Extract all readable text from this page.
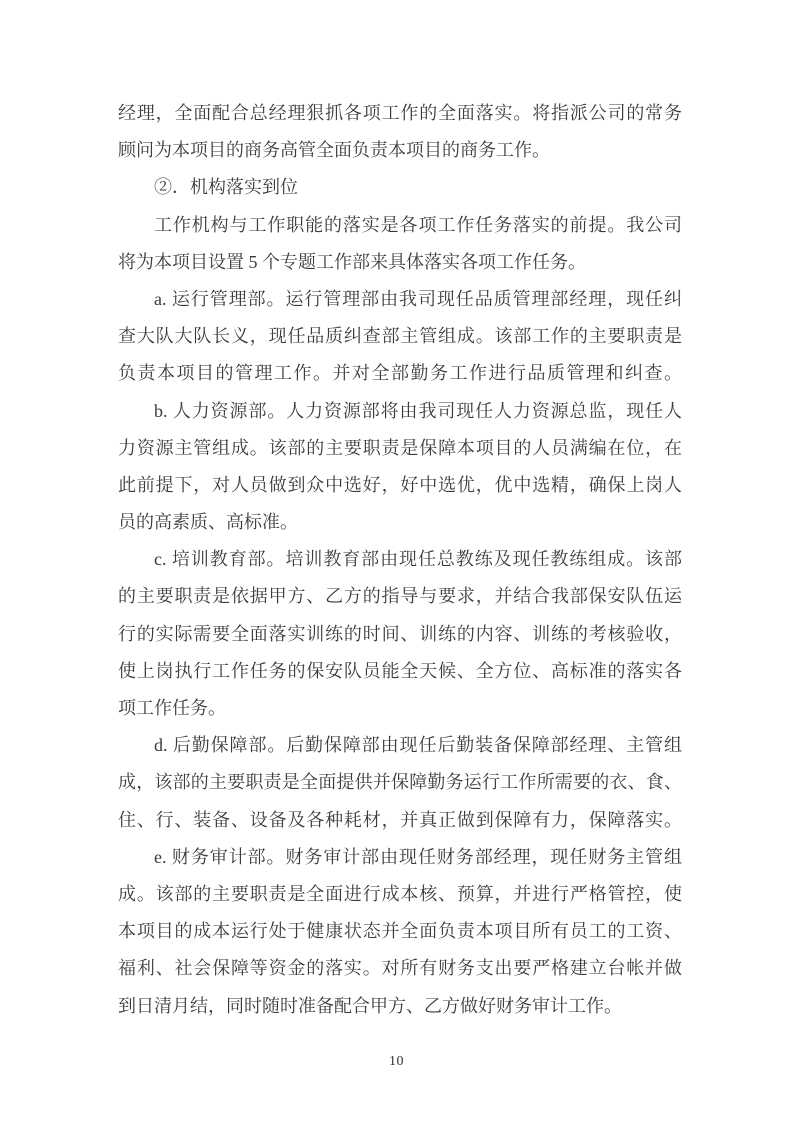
经理，全面配合总经理狠抓各项工作的全面落实。将指派公司的常务
顾问为本项目的商务高管全面负责本项目的商务工作。
②．机构落实到位
工作机构与工作职能的落实是各项工作任务落实的前提。我公司
将为本项目设置 5 个专题工作部来具体落实各项工作任务。
a. 运行管理部。运行管理部由我司现任品质管理部经理，现任纠
查大队大队长义，现任品质纠查部主管组成。该部工作的主要职责是
负责本项目的管理工作。并对全部勤务工作进行品质管理和纠查。
b. 人力资源部。人力资源部将由我司现任人力资源总监，现任人
力资源主管组成。该部的主要职责是保障本项目的人员满编在位，在
此前提下，对人员做到众中选好，好中选优，优中选精，确保上岗人
员的高素质、高标准。
c. 培训教育部。培训教育部由现任总教练及现任教练组成。该部
的主要职责是依据甲方、乙方的指导与要求，并结合我部保安队伍运
行的实际需要全面落实训练的时间、训练的内容、训练的考核验收，
使上岗执行工作任务的保安队员能全天候、全方位、高标准的落实各
项工作任务。
d. 后勤保障部。后勤保障部由现任后勤装备保障部经理、主管组
成，该部的主要职责是全面提供并保障勤务运行工作所需要的衣、食、
住、行、装备、设备及各种耗材，并真正做到保障有力，保障落实。
e. 财务审计部。财务审计部由现任财务部经理，现任财务主管组
成。该部的主要职责是全面进行成本核、预算，并进行严格管控，使
本项目的成本运行处于健康状态并全面负责本项目所有员工的工资、
福利、社会保障等资金的落实。对所有财务支出要严格建立台帐并做
到日清月结，同时随时准备配合甲方、乙方做好财务审计工作。
10
